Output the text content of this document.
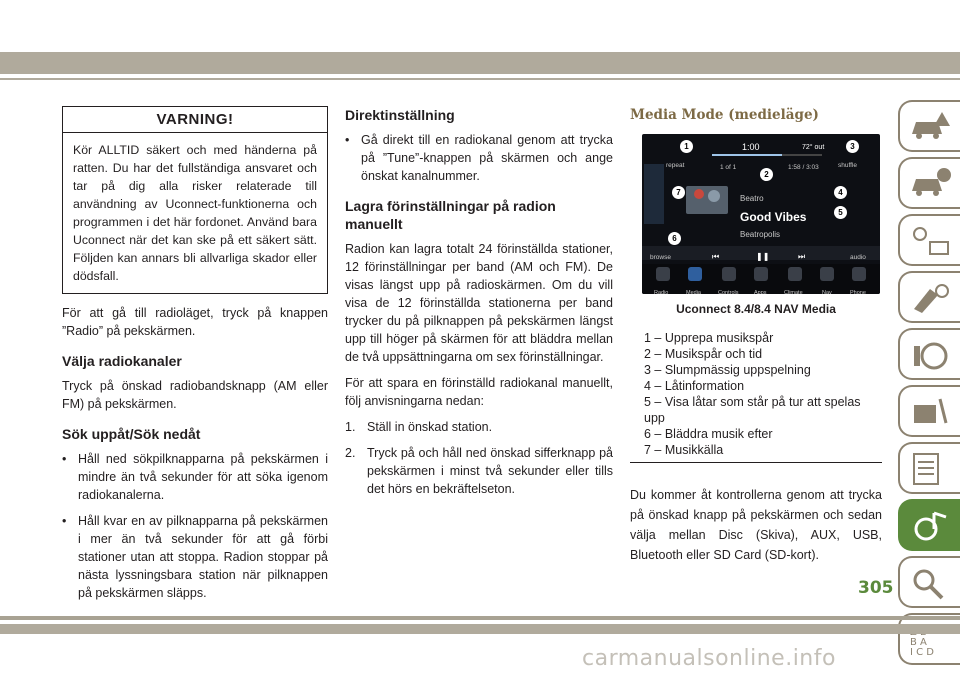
VARNING!
Kör ALLTID säkert och med händerna på ratten. Du har det fullständiga ansvaret och tar på dig alla risker relaterade till användning av Uconnect-funktionerna och programmen i det här fordonet. Använd bara Uconnect när det kan ske på ett säkert sätt. Följden kan annars bli allvarliga skador eller dödsfall.

För att gå till radioläget, tryck på knappen ”Radio” på pekskärmen.

Välja radiokanaler

Tryck på önskad radiobandsknapp (AM eller FM) på pekskärmen.

Sök uppåt/Sök nedåt
• Håll ned sökpilknapparna på pekskärmen i mindre än två sekunder för att söka igenom radiokanalerna.
• Håll kvar en av pilknapparna på pekskärmen i mer än två sekunder för att gå förbi stationer utan att stoppa. Radion stoppar på nästa lyssningsbara station när pilknappen på pekskärmen släpps.
Direktinställning
• Gå direkt till en radiokanal genom att trycka på ”Tune”-knappen på skärmen och ange önskat kanalnummer.
Lagra förinställningar på radion manuellt

Radion kan lagra totalt 24 förinställda stationer, 12 förinställningar per band (AM och FM). De visas längst upp på radioskärmen. Om du vill visa de 12 förinställda stationerna per band trycker du på pilknappen på pekskärmen längst upp till höger på skärmen för att bläddra mellan de två uppsättningarna om sex förinställningar.

För att spara en förinställd radiokanal manuellt, följ anvisningarna nedan:

1. Ställ in önskad station.
2. Tryck på och håll ned önskad sifferknapp på pekskärmen i minst två sekunder eller tills det hörs en bekräftelseton.
Media Mode (medieläge)
1:00	72° out
repeat	shuffle
1 of 1	1:58 / 3:03
Beatro
Good Vibes
Beatropolis
browse	audio
⏮	❚❚	⏭
Radio	Media	Controls	Apps	Climate	Nav	Phone
1
2
3
4
5
6
7
Uconnect 8.4/8.4 NAV Media
1 – Upprepa musikspår
2 – Musikspår och tid
3 – Slumpmässig uppspelning
4 – Låtinformation
5 – Visa låtar som står på tur att spelas upp
6 – Bläddra musik efter
7 – Musikkälla

Du kommer åt kontrollerna genom att trycka på önskad knapp på pekskärmen och sedan välja mellan Disc (Skiva), AUX, USB, Bluetooth eller SD Card (SD-kort).

B A
I C D
305
carmanualsonline.info
